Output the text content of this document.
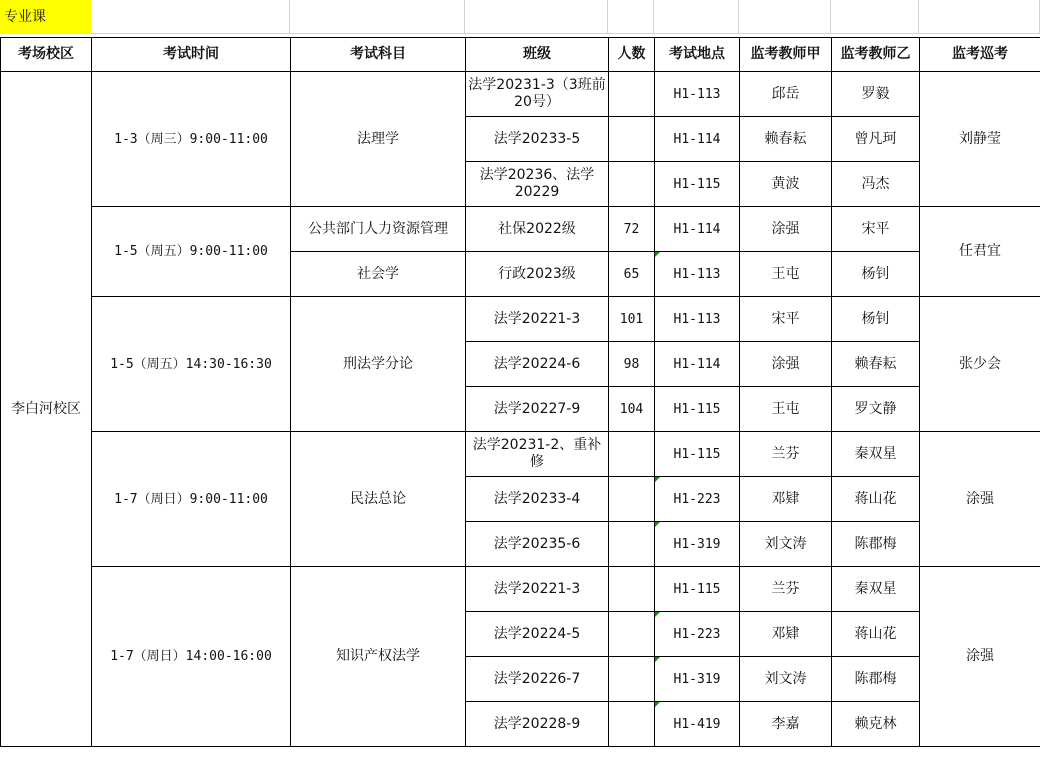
专业课
考场校区	考试时间	考试科目	班级	人数	考试地点	监考教师甲	监考教师乙	监考巡考
李白河校区	1-3（周三）9:00-11:00	法理学	法学20231-3（3班前20号）		H1-113	邱岳	罗毅	刘静莹
			法学20233-5		H1-114	赖春耘	曾凡珂	
			法学20236、法学20229		H1-115	黄波	冯杰	
	1-5（周五）9:00-11:00	公共部门人力资源管理	社保2022级	72	H1-114	涂强	宋平	任君宜
		社会学	行政2023级	65	H1-113	王屯	杨钊	
	1-5（周五）14:30-16:30	刑法学分论	法学20221-3	101	H1-113	宋平	杨钊	张少会
			法学20224-6	98	H1-114	涂强	赖春耘	
			法学20227-9	104	H1-115	王屯	罗文静	
	1-7（周日）9:00-11:00	民法总论	法学20231-2、重补修		H1-115	兰芬	秦双星	涂强
			法学20233-4		H1-223	邓肄	蒋山花	
			法学20235-6		H1-319	刘文涛	陈郡梅	
	1-7（周日）14:00-16:00	知识产权法学	法学20221-3		H1-115	兰芬	秦双星	涂强
			法学20224-5		H1-223	邓肄	蒋山花	
			法学20226-7		H1-319	刘文涛	陈郡梅	
			法学20228-9		H1-419	李嘉	赖克林	
